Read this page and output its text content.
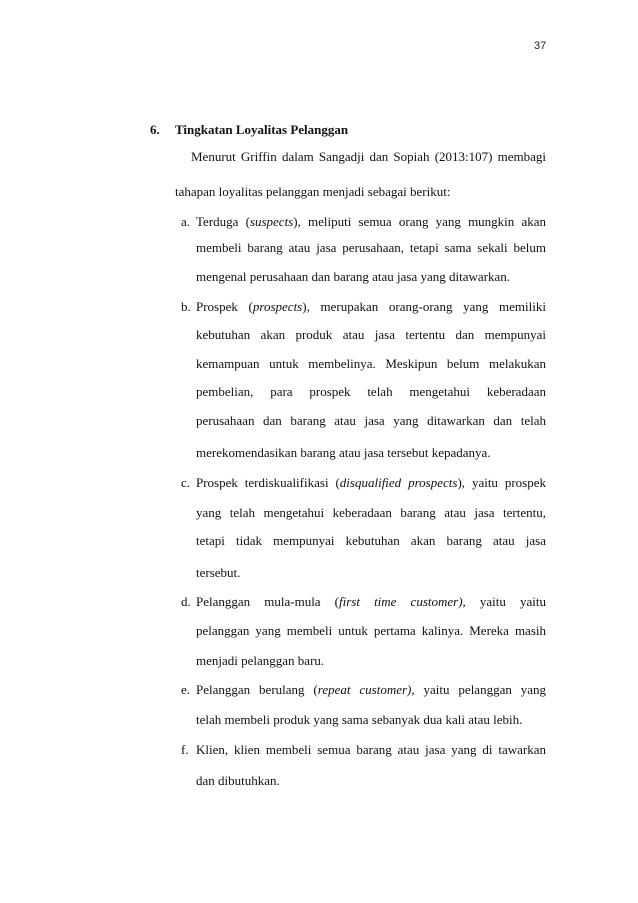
37
6. Tingkatan Loyalitas Pelanggan
Menurut Griffin dalam Sangadji dan Sopiah (2013:107) membagi
tahapan loyalitas pelanggan menjadi sebagai berikut:
a. Terduga (suspects), meliputi semua orang yang mungkin akan
membeli barang atau jasa perusahaan, tetapi sama sekali belum
mengenal perusahaan dan barang atau jasa yang ditawarkan.
b. Prospek (prospects), merupakan orang-orang yang memiliki
kebutuhan akan produk atau jasa tertentu dan mempunyai
kemampuan untuk membelinya. Meskipun belum melakukan
pembelian, para prospek telah mengetahui keberadaan
perusahaan dan barang atau jasa yang ditawarkan dan telah
merekomendasikan barang atau jasa tersebut kepadanya.
c. Prospek terdiskualifikasi (disqualified prospects), yaitu prospek
yang telah mengetahui keberadaan barang atau jasa tertentu,
tetapi tidak mempunyai kebutuhan akan barang atau jasa
tersebut.
d. Pelanggan mula-mula (first time customer), yaitu yaitu
pelanggan yang membeli untuk pertama kalinya. Mereka masih
menjadi pelanggan baru.
e. Pelanggan berulang (repeat customer), yaitu pelanggan yang
telah membeli produk yang sama sebanyak dua kali atau lebih.
f. Klien, klien membeli semua barang atau jasa yang di tawarkan
dan dibutuhkan.
